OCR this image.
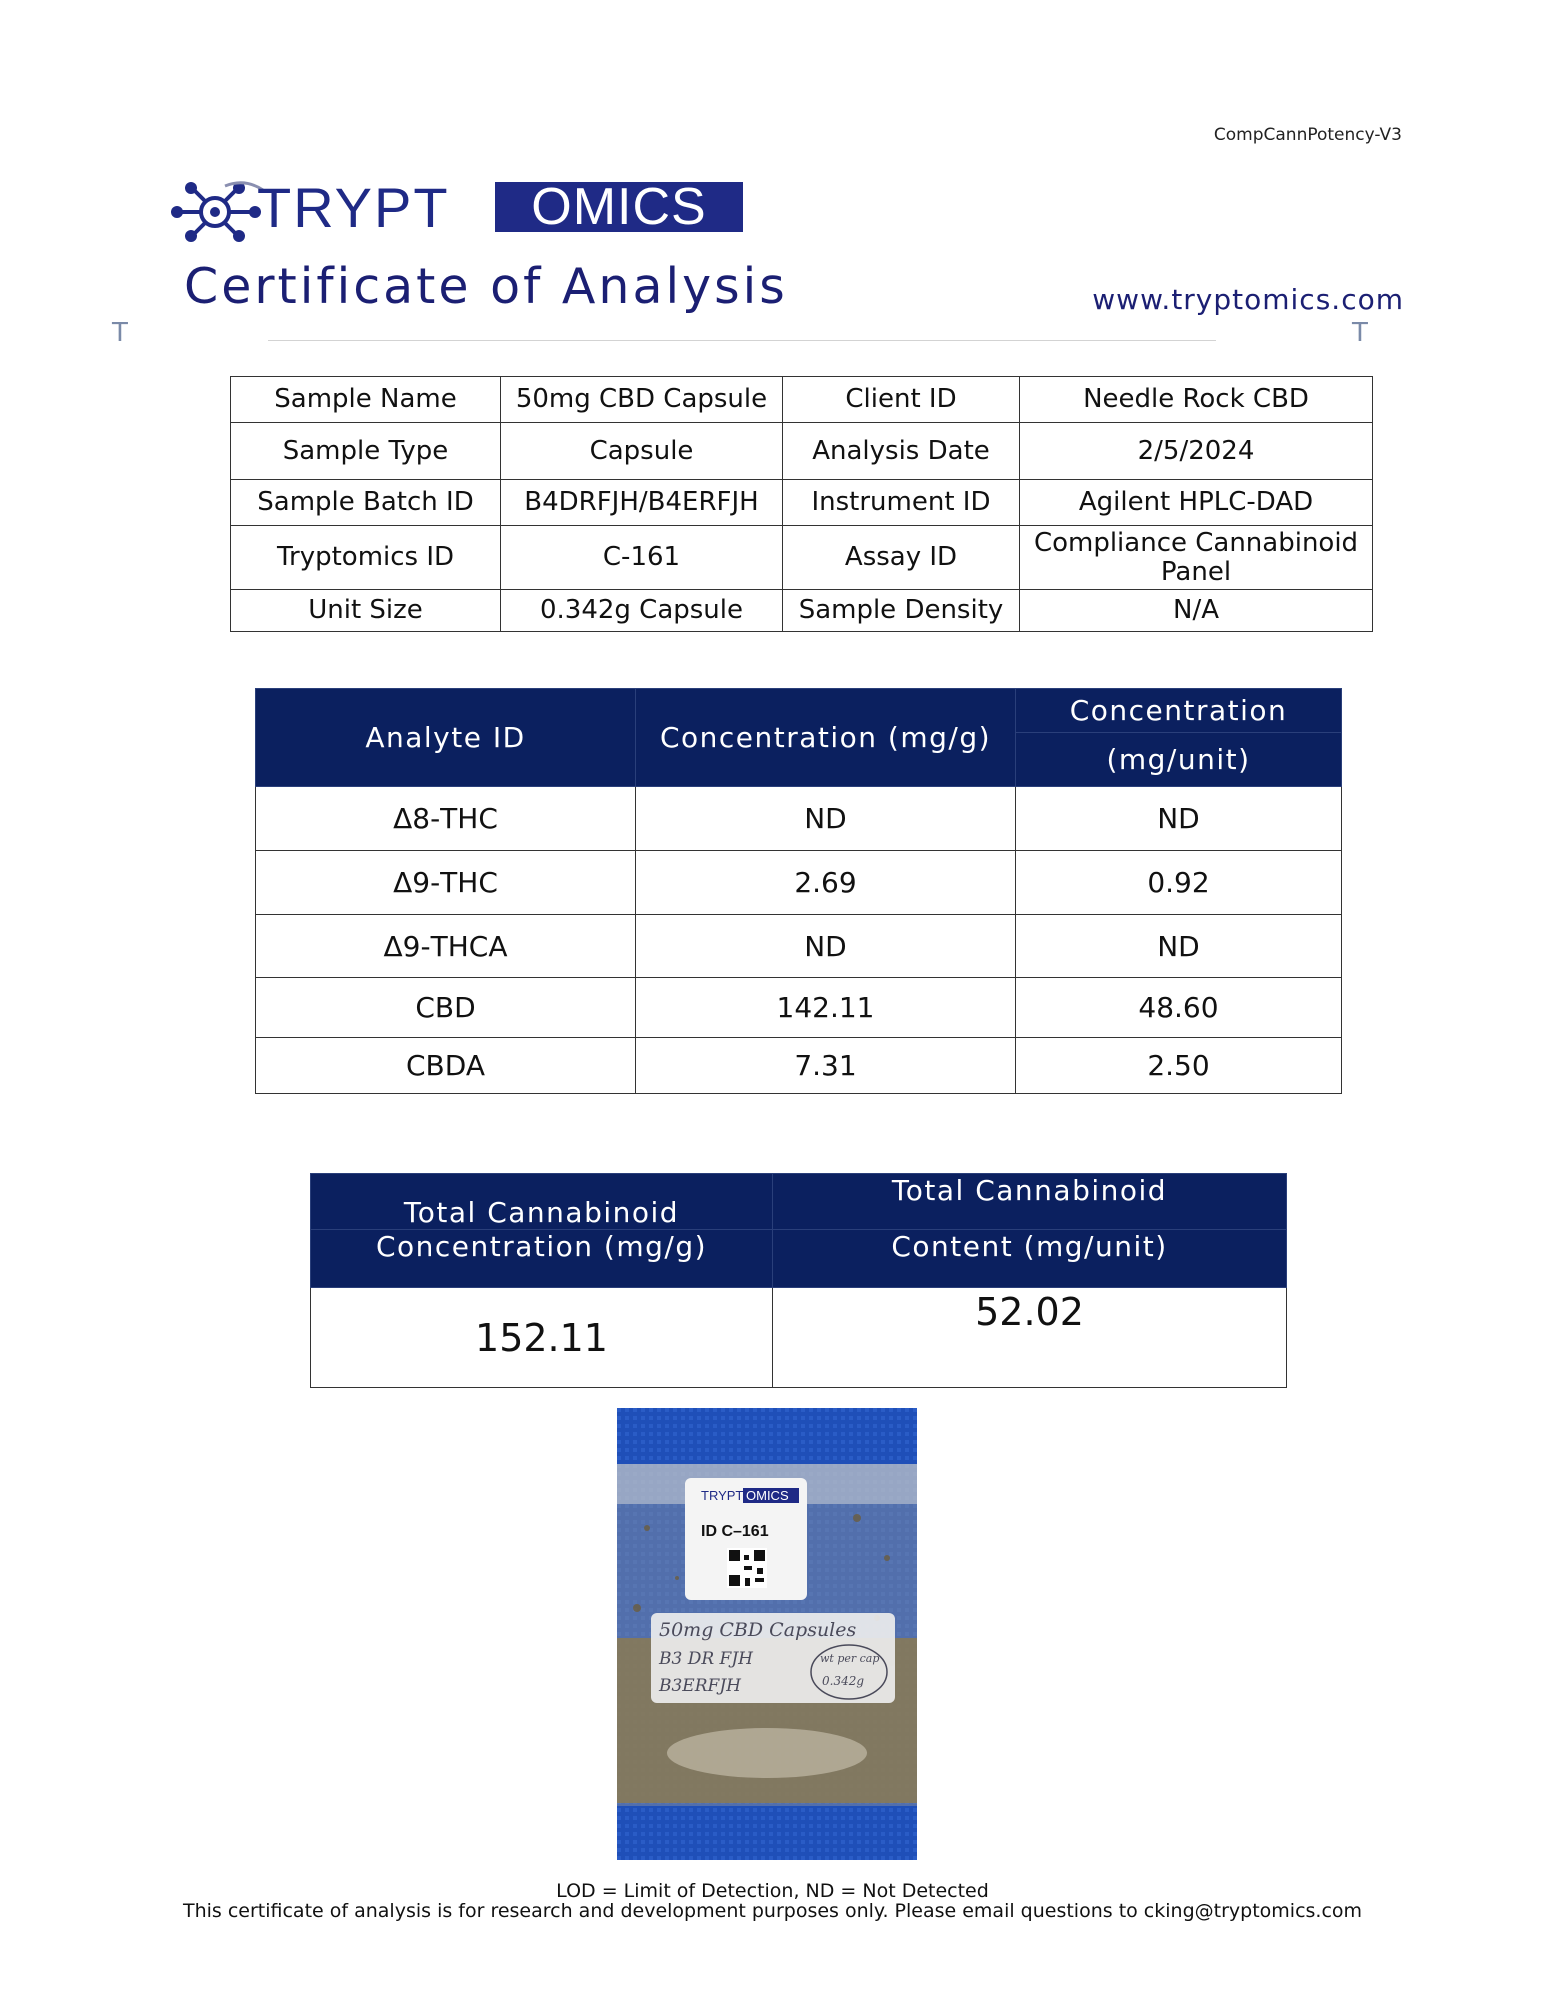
CompCannPotency-V3
TRYPT	OMICS
Certificate of Analysis	www.tryptomics.com
T	T
Sample Name	50mg CBD Capsule	Client ID	Needle Rock CBD
Sample Type	Capsule	Analysis Date	2/5/2024
Sample Batch ID	B4DRFJH/B4ERFJH	Instrument ID	Agilent HPLC-DAD
Tryptomics ID	C-161	Assay ID	Compliance Cannabinoid Panel
Unit Size	0.342g Capsule	Sample Density	N/A
Analyte ID	Concentration (mg/g)	Concentration
		(mg/unit)
Δ8-THC	ND	ND
Δ9-THC	2.69	0.92
Δ9-THCA	ND	ND
CBD	142.11	48.60
CBDA	7.31	2.50
Total Cannabinoid	Total Cannabinoid
Concentration (mg/g)	Content (mg/unit)
152.11	52.02
TRYPT OMICS
ID C–161
50mg CBD Capsules
B3 DR FJH
B3ERFJH
wt per cap
0.342g
LOD = Limit of Detection, ND = Not Detected
This certificate of analysis is for research and development purposes only. Please email questions to cking@tryptomics.com
